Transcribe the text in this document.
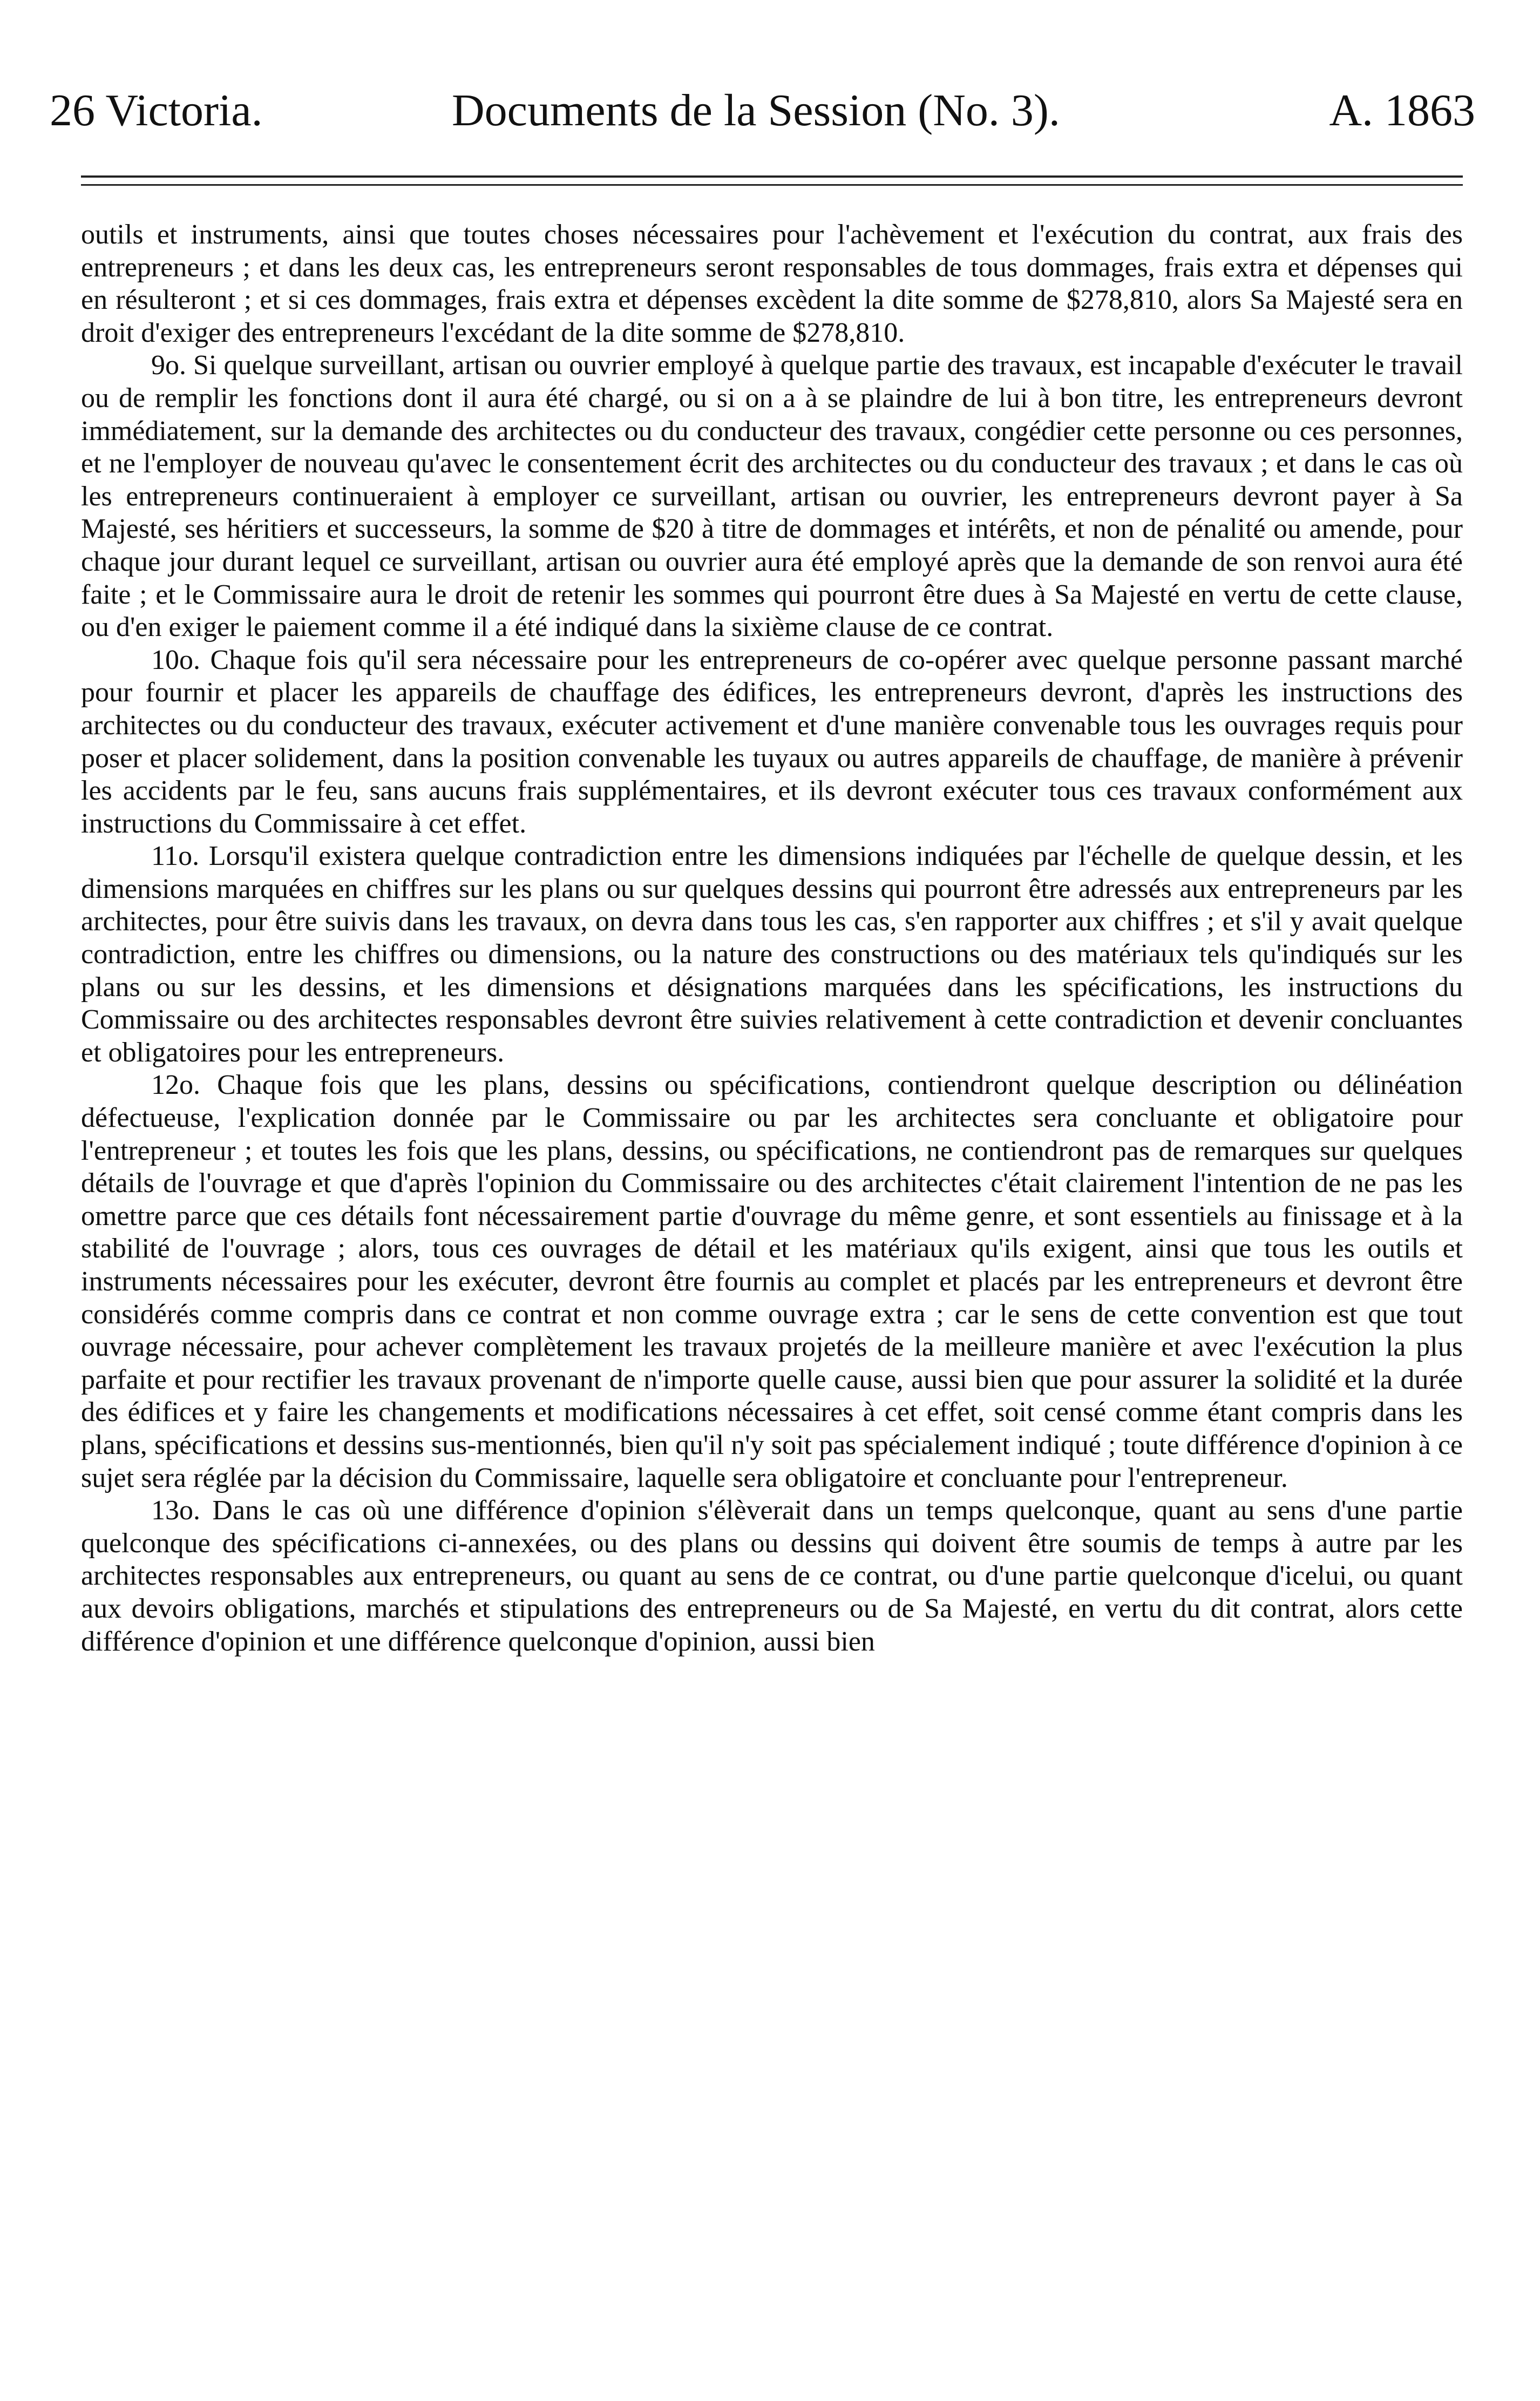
26 Victoria.	Documents de la Session (No. 3).	A. 1863

outils et instruments, ainsi que toutes choses nécessaires pour l'achèvement et l'exécution du contrat, aux frais des entrepreneurs ; et dans les deux cas, les entrepreneurs seront responsables de tous dommages, frais extra et dépenses qui en résulteront ; et si ces dommages, frais extra et dépenses excèdent la dite somme de $278,810, alors Sa Majesté sera en droit d'exiger des entrepreneurs l'excédant de la dite somme de $278,810.

9o. Si quelque surveillant, artisan ou ouvrier employé à quelque partie des travaux, est incapable d'exécuter le travail ou de remplir les fonctions dont il aura été chargé, ou si on a à se plaindre de lui à bon titre, les entrepreneurs devront immédiatement, sur la demande des architectes ou du conducteur des travaux, congédier cette personne ou ces personnes, et ne l'employer de nouveau qu'avec le consentement écrit des architectes ou du conducteur des travaux ; et dans le cas où les entrepreneurs continueraient à employer ce surveillant, artisan ou ouvrier, les entrepreneurs devront payer à Sa Majesté, ses héritiers et successeurs, la somme de $20 à titre de dommages et intérêts, et non de pénalité ou amende, pour chaque jour durant lequel ce surveillant, artisan ou ouvrier aura été employé après que la demande de son renvoi aura été faite ; et le Commissaire aura le droit de retenir les sommes qui pourront être dues à Sa Majesté en vertu de cette clause, ou d'en exiger le paiement comme il a été indiqué dans la sixième clause de ce contrat.

10o. Chaque fois qu'il sera nécessaire pour les entrepreneurs de co-opérer avec quelque personne passant marché pour fournir et placer les appareils de chauffage des édifices, les entrepreneurs devront, d'après les instructions des architectes ou du conducteur des travaux, exécuter activement et d'une manière convenable tous les ouvrages requis pour poser et placer solidement, dans la position convenable les tuyaux ou autres appareils de chauffage, de manière à prévenir les accidents par le feu, sans aucuns frais supplémentaires, et ils devront exécuter tous ces travaux conformément aux instructions du Commissaire à cet effet.

11o. Lorsqu'il existera quelque contradiction entre les dimensions indiquées par l'échelle de quelque dessin, et les dimensions marquées en chiffres sur les plans ou sur quelques dessins qui pourront être adressés aux entrepreneurs par les architectes, pour être suivis dans les travaux, on devra dans tous les cas, s'en rapporter aux chiffres ; et s'il y avait quelque contradiction, entre les chiffres ou dimensions, ou la nature des constructions ou des matériaux tels qu'indiqués sur les plans ou sur les dessins, et les dimensions et désignations marquées dans les spécifications, les instructions du Commissaire ou des architectes responsables devront être suivies relativement à cette contradiction et devenir concluantes et obligatoires pour les entrepreneurs.

12o. Chaque fois que les plans, dessins ou spécifications, contiendront quelque description ou délinéation défectueuse, l'explication donnée par le Commissaire ou par les architectes sera concluante et obligatoire pour l'entrepreneur ; et toutes les fois que les plans, dessins, ou spécifications, ne contiendront pas de remarques sur quelques détails de l'ouvrage et que d'après l'opinion du Commissaire ou des architectes c'était clairement l'intention de ne pas les omettre parce que ces détails font nécessairement partie d'ouvrage du même genre, et sont essentiels au finissage et à la stabilité de l'ouvrage ; alors, tous ces ouvrages de détail et les matériaux qu'ils exigent, ainsi que tous les outils et instruments nécessaires pour les exécuter, devront être fournis au complet et placés par les entrepreneurs et devront être considérés comme compris dans ce contrat et non comme ouvrage extra ; car le sens de cette convention est que tout ouvrage nécessaire, pour achever complètement les travaux projetés de la meilleure manière et avec l'exécution la plus parfaite et pour rectifier les travaux provenant de n'importe quelle cause, aussi bien que pour assurer la solidité et la durée des édifices et y faire les changements et modifications nécessaires à cet effet, soit censé comme étant compris dans les plans, spécifications et dessins sus-mentionnés, bien qu'il n'y soit pas spécialement indiqué ; toute différence d'opinion à ce sujet sera réglée par la décision du Commissaire, laquelle sera obligatoire et concluante pour l'entrepreneur.

13o. Dans le cas où une différence d'opinion s'élèverait dans un temps quelconque, quant au sens d'une partie quelconque des spécifications ci-annexées, ou des plans ou dessins qui doivent être soumis de temps à autre par les architectes responsables aux entrepreneurs, ou quant au sens de ce contrat, ou d'une partie quelconque d'icelui, ou quant aux devoirs obligations, marchés et stipulations des entrepreneurs ou de Sa Majesté, en vertu du dit contrat, alors cette différence d'opinion et une différence quelconque d'opinion, aussi bien
